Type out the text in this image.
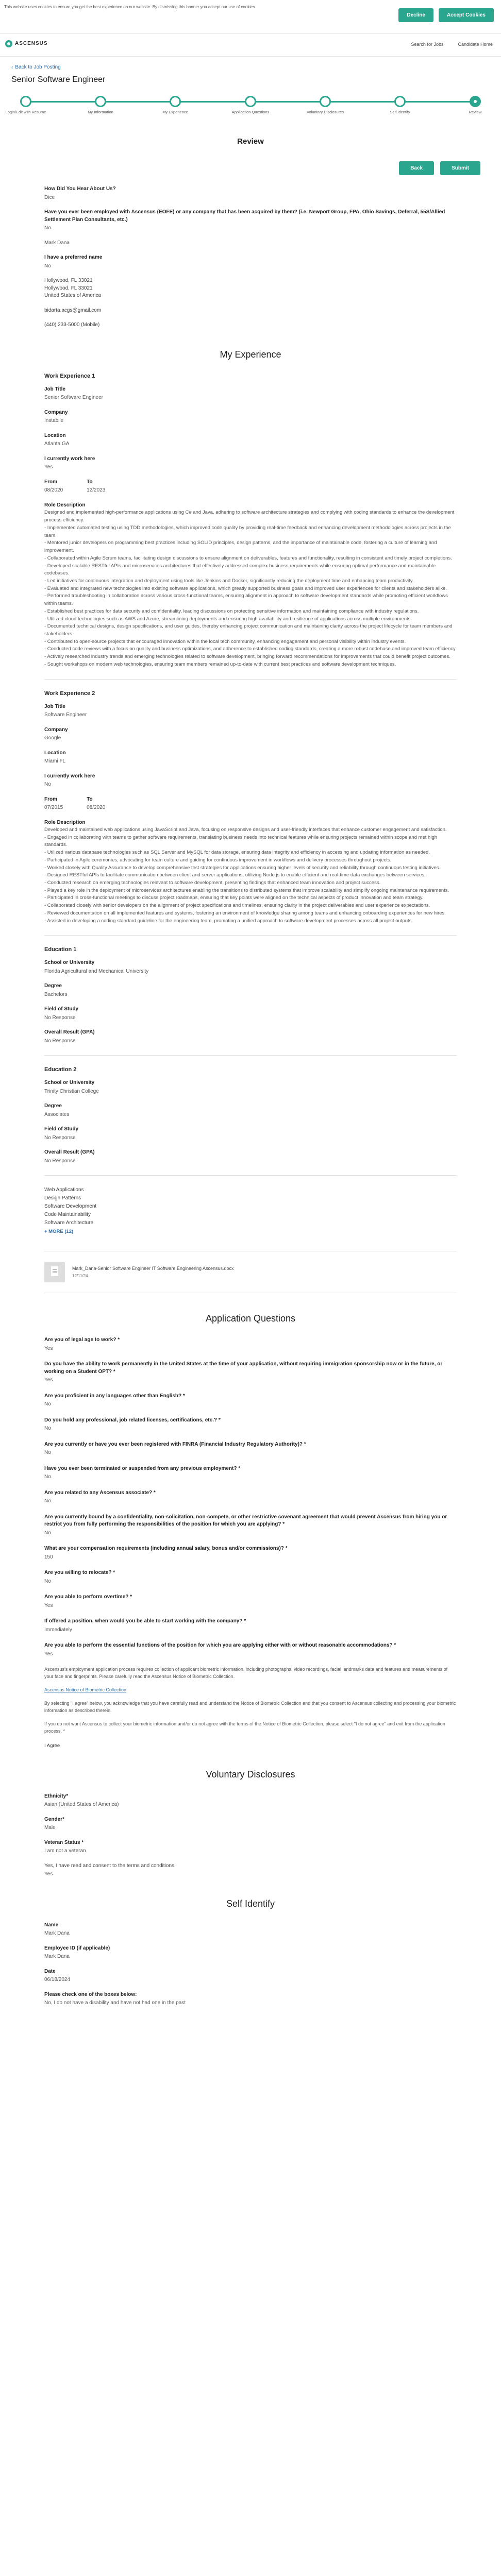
This website uses cookies to ensure you get the best experience on our website. By dismissing this banner you accept our use of cookies.
Decline	Accept Cookies
ASCENSUS	Search for Jobs	Candidate Home
‹ Back to Job Posting
Senior Software Engineer
Login/Edit with Resume	My Information	My Experience	Application Questions	Voluntary Disclosures	Self Identify	Review
Review
Back	Submit
How Did You Hear About Us?
Dice
Have you ever been employed with Ascensus (EOFE) or any company that has been acquired by them? (i.e. Newport Group, FPA, Ohio Savings, Deferral, 55S/Allied Settlement Plan Consultants, etc.)
No
Mark Dana
I have a preferred name
No
Hollywood, FL 33021
Hollywood, FL 33021
United States of America
bidarta.acgs@gmail.com
(440) 233-5000 (Mobile)
My Experience
Work Experience 1
Job Title
Senior Software Engineer
Company
Instabile
Location
Atlanta GA
I currently work here
Yes
From
08/2020
To
12/2023
Role Description
Designed and implemented high-performance applications using C# and Java, adhering to software architecture strategies and complying with coding standards to enhance the development process efficiency.
- Implemented automated testing using TDD methodologies, which improved code quality by providing real-time feedback and enhancing development methodologies across projects in the team.
- Mentored junior developers on programming best practices including SOLID principles, design patterns, and the importance of maintainable code, fostering a culture of learning and improvement.
- Collaborated within Agile Scrum teams, facilitating design discussions to ensure alignment on deliverables, features and functionality, resulting in consistent and timely project completions.
- Developed scalable RESTful APIs and microservices architectures that effectively addressed complex business requirements while ensuring optimal performance and maintainable codebases.
- Led initiatives for continuous integration and deployment using tools like Jenkins and Docker, significantly reducing the deployment time and enhancing team productivity.
- Evaluated and integrated new technologies into existing software applications, which greatly supported business goals and improved user experiences for clients and stakeholders alike.
- Performed troubleshooting in collaboration across various cross-functional teams, ensuring alignment in approach to software development standards while promoting efficient workflows within teams.
- Established best practices for data security and confidentiality, leading discussions on protecting sensitive information and maintaining compliance with industry regulations.
- Utilized cloud technologies such as AWS and Azure, streamlining deployments and ensuring high availability and resilience of applications across multiple environments.
- Documented technical designs, design specifications, and user guides, thereby enhancing project communication and maintaining clarity across the project lifecycle for team members and stakeholders.
- Contributed to open-source projects that encouraged innovation within the local tech community, enhancing engagement and personal visibility within industry events.
- Conducted code reviews with a focus on quality and business optimizations, and adherence to established coding standards, creating a more robust codebase and improved team efficiency.
- Actively researched industry trends and emerging technologies related to software development, bringing forward recommendations for improvements that could benefit project outcomes.
- Sought workshops on modern web technologies, ensuring team members remained up-to-date with current best practices and software development techniques.
Work Experience 2
Job Title
Software Engineer
Company
Google
Location
Miami FL
I currently work here
No
From
07/2015
To
08/2020
Role Description
Developed and maintained web applications using JavaScript and Java, focusing on responsive designs and user-friendly interfaces that enhance customer engagement and satisfaction.
- Engaged in collaborating with teams to gather software requirements, translating business needs into technical features while ensuring projects remained within scope and met high standards.
- Utilized various database technologies such as SQL Server and MySQL for data storage, ensuring data integrity and efficiency in accessing and updating information as needed.
- Participated in Agile ceremonies, advocating for team culture and guiding for continuous improvement in workflows and delivery processes throughout projects.
- Worked closely with Quality Assurance to develop comprehensive test strategies for applications ensuring higher levels of security and reliability through continuous testing initiatives.
- Designed RESTful APIs to facilitate communication between client and server applications, utilizing Node.js to enable efficient and real-time data exchanges between services.
- Conducted research on emerging technologies relevant to software development, presenting findings that enhanced team innovation and project success.
- Played a key role in the deployment of microservices architectures enabling the transitions to distributed systems that improve scalability and simplify ongoing maintenance requirements.
- Participated in cross-functional meetings to discuss project roadmaps, ensuring that key points were aligned on the technical aspects of product innovation and team strategy.
- Collaborated closely with senior developers on the alignment of project specifications and timelines, ensuring clarity in the project deliverables and user experience expectations.
- Reviewed documentation on all implemented features and systems, fostering an environment of knowledge sharing among teams and enhancing onboarding experiences for new hires.
- Assisted in developing a coding standard guideline for the engineering team, promoting a unified approach to software development processes across all project outputs.
Education 1
School or University
Florida Agricultural and Mechanical University
Degree
Bachelors
Field of Study
No Response
Overall Result (GPA)
No Response
Education 2
School or University
Trinity Christian College
Degree
Associates
Field of Study
No Response
Overall Result (GPA)
No Response
Web Applications
Design Patterns
Software Development
Code Maintainability
Software Architecture
+ MORE (12)
Mark_Dana-Senior Software Engineer IT Software Engineering Ascensus.docx
12/11/24
Application Questions
Are you of legal age to work? *
Yes
Do you have the ability to work permanently in the United States at the time of your application, without requiring immigration sponsorship now or in the future, or working on a Student OPT? *
Yes
Are you proficient in any languages other than English? *
No
Do you hold any professional, job related licenses, certifications, etc.? *
No
Are you currently or have you ever been registered with FINRA (Financial Industry Regulatory Authority)? *
No
Have you ever been terminated or suspended from any previous employment? *
No
Are you related to any Ascensus associate? *
No
Are you currently bound by a confidentiality, non-solicitation, non-compete, or other restrictive covenant agreement that would prevent Ascensus from hiring you or restrict you from fully performing the responsibilities of the position for which you are applying? *
No
What are your compensation requirements (including annual salary, bonus and/or commissions)? *
150
Are you willing to relocate? *
No
Are you able to perform overtime? *
Yes
If offered a position, when would you be able to start working with the company? *
Immediately
Are you able to perform the essential functions of the position for which you are applying either with or without reasonable accommodations? *
Yes
Ascensus's employment application process requires collection of applicant biometric information, including photographs, video recordings, facial landmarks data and features and measurements of your face and fingerprints. Please carefully read the Ascensus Notice of Biometric Collection.
Ascensus Notice of Biometric Collection
By selecting "I agree" below, you acknowledge that you have carefully read and understand the Notice of Biometric Collection and that you consent to Ascensus collecting and processing your biometric information as described therein.
If you do not want Ascensus to collect your biometric information and/or do not agree with the terms of the Notice of Biometric Collection, please select "I do not agree" and exit from the application process. *
I Agree
Voluntary Disclosures
Ethnicity*
Asian (United States of America)
Gender*
Male
Veteran Status *
I am not a veteran
Yes, I have read and consent to the terms and conditions.
Yes
Self Identify
Name
Mark Dana
Employee ID (if applicable)
Mark Dana
Date
06/18/2024
Please check one of the boxes below:
No, I do not have a disability and have not had one in the past
